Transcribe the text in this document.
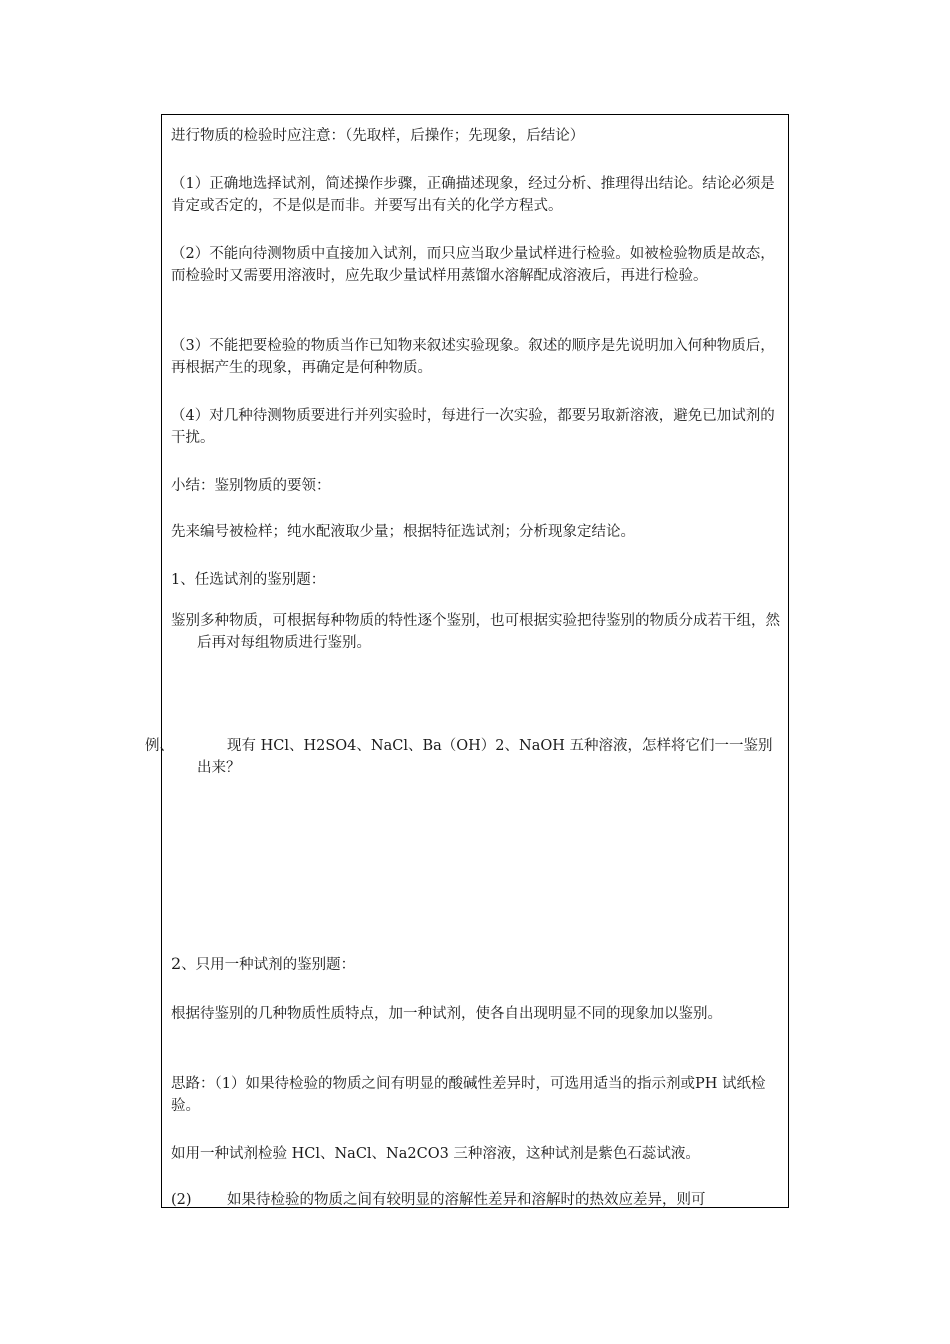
进行物质的检验时应注意：（先取样，后操作；先现象，后结论）

（1）正确地选择试剂，简述操作步骤，正确描述现象，经过分析、推理得出结论。结论必须是肯定或否定的，不是似是而非。并要写出有关的化学方程式。

（2）不能向待测物质中直接加入试剂，而只应当取少量试样进行检验。如被检验物质是故态，而检验时又需要用溶液时，应先取少量试样用蒸馏水溶解配成溶液后，再进行检验。

（3）不能把要检验的物质当作已知物来叙述实验现象。叙述的顺序是先说明加入何种物质后，再根据产生的现象，再确定是何种物质。

（4）对几种待测物质要进行并列实验时，每进行一次实验，都要另取新溶液，避免已加试剂的干扰。

小结：鉴别物质的要领：

先来编号被检样；纯水配液取少量；根据特征选试剂；分析现象定结论。

1、任选试剂的鉴别题：

鉴别多种物质，可根据每种物质的特性逐个鉴别，也可根据实验把待鉴别的物质分成若干组，然后再对每组物质进行鉴别。

例、	现有 HCl、H2SO4、NaCl、Ba（OH）2、NaOH 五种溶液，怎样将它们一一鉴别出来？

2、只用一种试剂的鉴别题：

根据待鉴别的几种物质性质特点，加一种试剂，使各自出现明显不同的现象加以鉴别。

思路：（1）如果待检验的物质之间有明显的酸碱性差异时，可选用适当的指示剂或PH 试纸检验。

如用一种试剂检验 HCl、NaCl、Na2CO3 三种溶液，这种试剂是紫色石蕊试液。

(2) 如果待检验的物质之间有较明显的溶解性差异和溶解时的热效应差异，则可
